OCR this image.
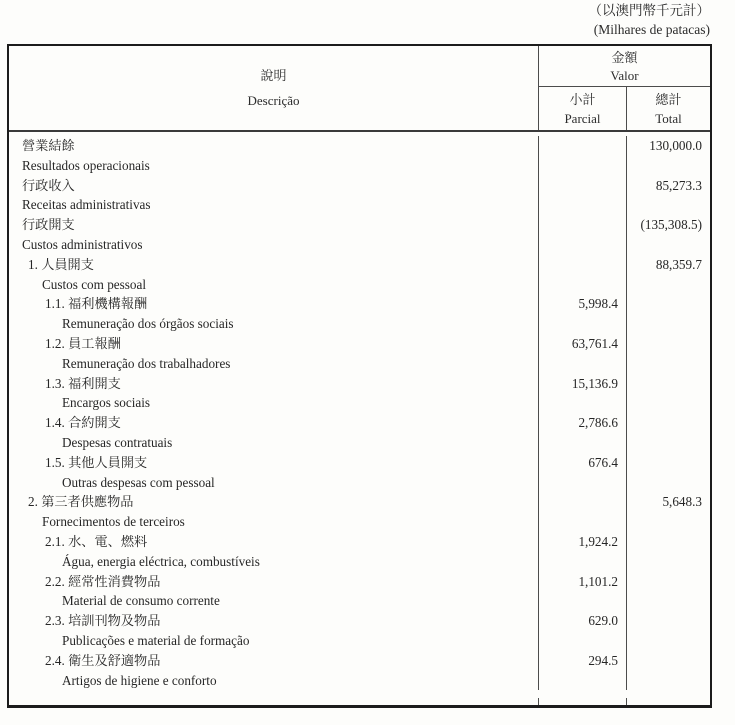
（以澳門幣千元計）
(Milhares de patacas)
說明
Descrição
金額
Valor
小計
Parcial
總計
Total
營業結餘
Resultados operacionais
130,000.0
行政收入
Receitas administrativas
85,273.3
行政開支
Custos administrativos
(135,308.5)
1. 人員開支
Custos com pessoal
88,359.7
1.1. 福利機構報酬
Remuneração dos órgãos sociais
5,998.4
1.2. 員工報酬
Remuneração dos trabalhadores
63,761.4
1.3. 福利開支
Encargos sociais
15,136.9
1.4. 合約開支
Despesas contratuais
2,786.6
1.5. 其他人員開支
Outras despesas com pessoal
676.4
2. 第三者供應物品
Fornecimentos de terceiros
5,648.3
2.1. 水、電、燃料
Água, energia eléctrica, combustíveis
1,924.2
2.2. 經常性消費物品
Material de consumo corrente
1,101.2
2.3. 培訓刊物及物品
Publicações e material de formação
629.0
2.4. 衛生及舒適物品
Artigos de higiene e conforto
294.5
